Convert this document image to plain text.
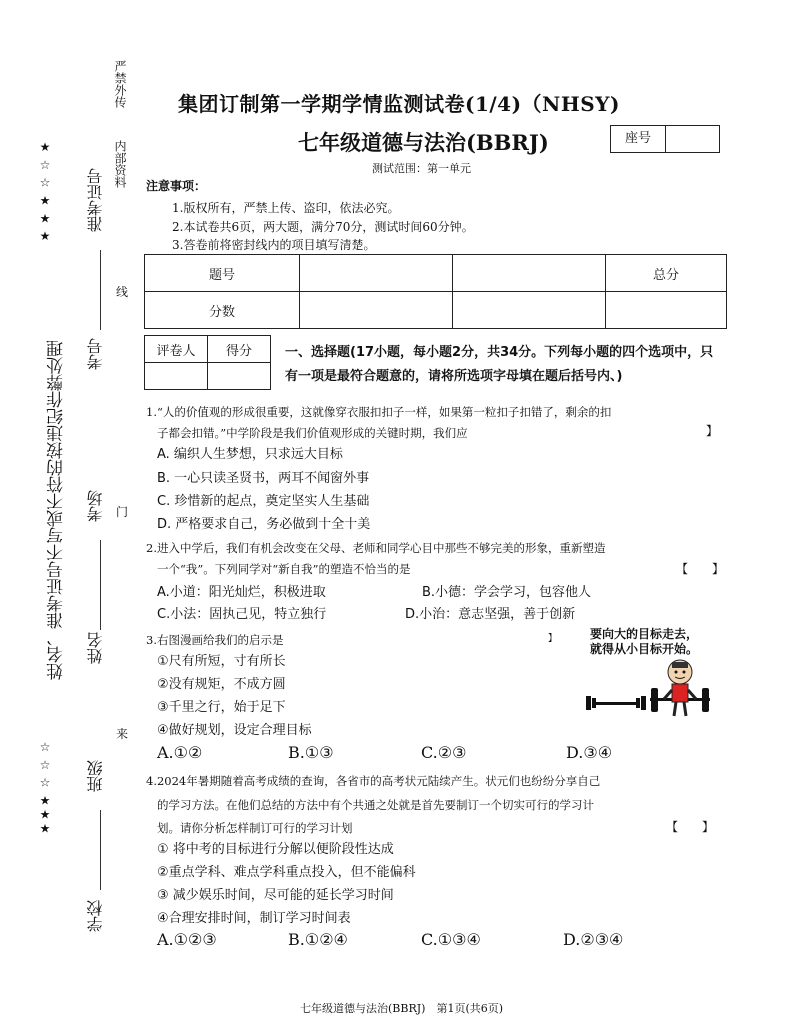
严禁外传
内部资料
准考证号
考号
考场
姓名
班级
学校
姓名、准考证号不写或不符的按违纪作弊处理
线
门
来
★ ☆ ☆ ★ ★ ★
☆ ☆ ☆ ★★★
集团订制第一学期学情监测试卷(1/4)（NHSY)
七年级道德与法治(BBRJ)	座号
测试范围：第一单元
注意事项：
1.版权所有，严禁上传、盗印，依法必究。
2.本试卷共6页，两大题，满分70分，测试时间60分钟。
3.答卷前将密封线内的项目填写清楚。
题号			总分
分数			
评卷人	得分
		一、选择题(17小题，每小题2分，共34分。下列每小题的四个选项中，只有一项是最符合题意的，请将所选项字母填在题后括号内、)
1.“人的价值观的形成很重要，这就像穿衣服扣扣子一样，如果第一粒扣子扣错了，剩余的扣
子都会扣错。”中学阶段是我们价值观形成的关键时期，我们应	】
A. 编织人生梦想，只求远大目标
B. 一心只读圣贤书，两耳不闻窗外事
C. 珍惜新的起点，奠定坚实人生基础
D. 严格要求自己，务必做到十全十美
2.进入中学后，我们有机会改变在父母、老师和同学心目中那些不够完美的形象，重新塑造
一个“我”。下列同学对“新自我”的塑造不恰当的是	【　　】
A.小道：阳光灿烂，积极进取	B.小德：学会学习，包容他人
C.小法：固执己见，特立独行	D.小治：意志坚强，善于创新
3.右图漫画给我们的启示是	】
①尺有所短，寸有所长
②没有规矩，不成方圆
③千里之行，始于足下
④做好规划，设定合理目标
A.①②	B.①③	C.②③	D.③④
要向大的目标走去，
就得从小目标开始。
4.2024年暑期随着高考成绩的查询，各省市的高考状元陆续产生。状元们也纷纷分享自己
的学习方法。在他们总结的方法中有个共通之处就是首先要制订一个切实可行的学习计
划。请你分析怎样制订可行的学习计划	【　　】
① 将中考的目标进行分解以便阶段性达成
②重点学科、难点学科重点投入，但不能偏科
③ 减少娱乐时间，尽可能的延长学习时间
④合理安排时间，制订学习时间表
A.①②③	B.①②④	C.①③④	D.②③④
七年级道德与法治(BBRJ)　第1页(共6页)
